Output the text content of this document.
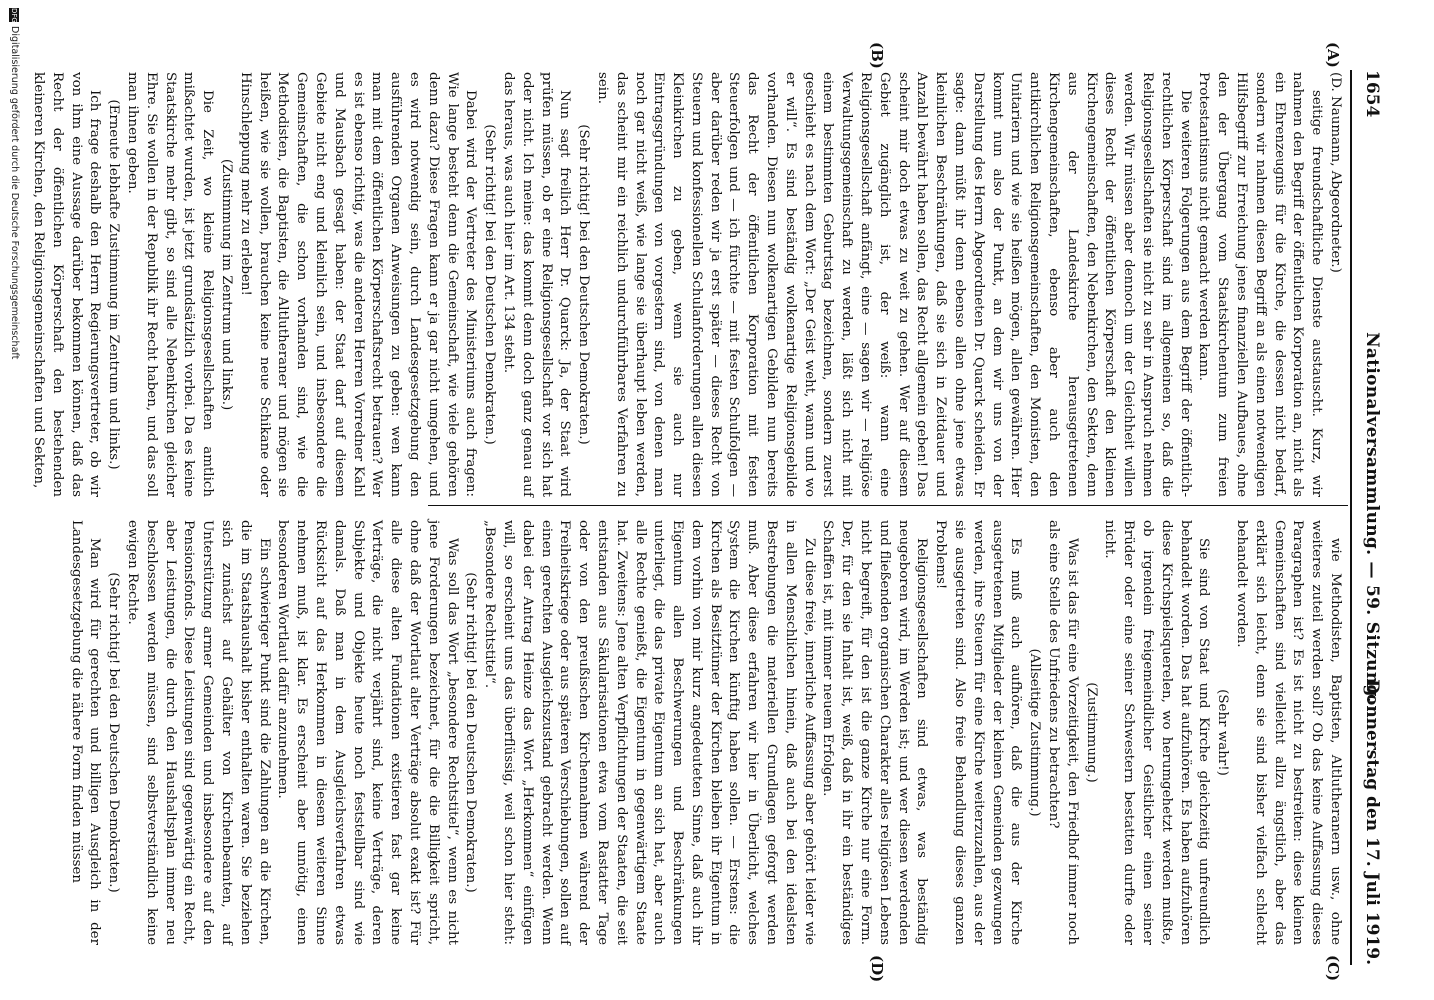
1654
Nationalversammlung. — 59. Sitzung.
Donnerstag den 17. Juli 1919.
(A)
(B)
(C)
(D)

(D. Naumann, Abgeordneter.)

seitige freundschaftliche Dienste austauscht. Kurz, wir nahmen den Begriff der öffentlichen Korporation an, nicht als ein Ehrenzeugnis für die Kirche, die dessen nicht bedarf, sondern wir nahmen diesen Begriff an als einen notwendigen Hilfsbegriff zur Erreichung jenes finanziellen Aufbaues, ohne den der Übergang vom Staatskirchentum zum freien Protestantismus nicht gemacht werden kann.

Die weiteren Folgerungen aus dem Begriff der öffentlich-rechtlichen Körperschaft sind im allgemeinen so, daß die Religionsgesellschaften sie nicht zu sehr in Anspruch nehmen werden. Wir müssen aber dennoch um der Gleichheit willen dieses Recht der öffentlichen Körperschaft den kleinen Kirchengemeinschaften, den Nebenkirchen, den Sekten, denn aus der Landeskirche herausgetretenen Kirchengemeinschaften, ebenso aber auch den antikirchlichen Religionsgemeinschaften, den Monisten, den Unitariern und wie sie heißen mögen, allen gewähren. Hier kommt nun also der Punkt, an dem wir uns von der Darstellung des Herrn Abgeordneten Dr. Quarck scheiden. Er sagte: dann müßt ihr denn ebenso allen ohne jene etwas kleinlichen Beschränkungen, daß sie sich in Zeitdauer und Anzahl bewährt haben sollen, das Recht allgemein geben! Das scheint mir doch etwas zu weit zu gehen. Wer auf diesem Gebiet zugänglich ist, der weiß: wann eine Religionsgesellschaft anfängt, eine — sagen wir — religiöse Verwaltungsgemeinschaft zu werden, läßt sich nicht mit einem bestimmten Geburtstag bezeichnen, sondern zuerst geschieht es nach dem Wort: „Der Geist weht, wann und wo er will“. Es sind beständig wolkenartige Religionsgebilde vorhanden. Diesen nun wolkenartigen Gebilden nun bereits das Recht der öffentlichen Korporation mit festen Steuerfolgen und — ich fürchte — mit festen Schulfolgen — aber darüber reden wir ja erst später — dieses Recht von Steuern und konfessionellen Schulanforderungen allen diesen Kleinkirchen zu geben, wenn sie auch nur Eintragsgründungen von vorgestern sind, von denen man noch gar nicht weiß, wie lange sie überhaupt leben werden, das scheint mir ein reichlich undurchführbares Verfahren zu sein.

(Sehr richtig! bei den Deutschen Demokraten.)

Nun sagt freilich Herr Dr. Quarck: Ja, der Staat wird prüfen müssen, ob er eine Religionsgesellschaft vor sich hat oder nicht. Ich meine: das kommt denn doch ganz genau auf das heraus, was auch hier im Art. 134 steht.

(Sehr richtig! bei den Deutschen Demokraten.)

Dabei wird der Vertreter des Ministeriums auch fragen: Wie lange besteht denn die Gemeinschaft, wie viele gehören denn dazu? Diese Fragen kann er ja gar nicht umgehen, und es wird notwendig sein, durch Landesgesetzgebung den ausführenden Organen Anweisungen zu geben: wen kann man mit dem öffentlichen Körperschaftsrecht betrauen? Wer es ist ebenso richtig, was die anderen Herren Vorredner Kahl und Mausbach gesagt haben: der Staat darf auf diesem Gebiete nicht eng und kleinlich sein, und insbesondere die Gemeinschaften, die schon vorhanden sind, wie die Methodisten, die Baptisten, die Altlutheraner und mögen sie heißen, wie sie wollen, brauchen keine neue Schikane oder Hinschleppung mehr zu erleben!

(Zustimmung im Zentrum und links.)

Die Zeit, wo kleine Religionsgesellschaften amtlich mißachtet wurden, ist jetzt grundsätzlich vorbei. Da es keine Staatskirche mehr gibt, so sind alle Nebenkirchen gleicher Ehre. Sie wollen in der Republik ihr Recht haben, und das soll man ihnen geben.

(Erneute lebhafte Zustimmung im Zentrum und links.)

Ich frage deshalb den Herrn Regierungsvertreter, ob wir von ihm eine Aussage darüber bekommen können, daß das Recht der öffentlichen Körperschaft den bestehenden kleineren Kirchen, den Religionsgemeinschaften und Sekten,

wie Methodisten, Baptisten, Altlutheranern usw., ohne weiteres zuteil werden soll? Ob das keine Auffassung dieses Paragraphen ist? Es ist nicht zu bestreiten: diese kleinen Gemeinschaften sind vielleicht allzu ängstlich, aber das erklärt sich leicht, denn sie sind bisher vielfach schlecht behandelt worden.

(Sehr wahr!)

Sie sind von Staat und Kirche gleichzeitig unfreundlich behandelt worden. Das hat aufzuhören. Es haben aufzuhören diese Kirchspielsquerelen, wo herumgehetzt werden mußte, ob irgendein freigemeindlicher Geistlicher einen seiner Brüder oder eine seiner Schwestern bestatten durfte oder nicht.

(Zustimmung.)

Was ist das für eine Vorzeitigkeit, den Friedhof immer noch als eine Stelle des Unfriedens zu betrachten?

(Allseitige Zustimmung.)

Es muß auch aufhören, daß die aus der Kirche ausgetretenen Mitglieder der kleinen Gemeinden gezwungen werden, ihre Steuern für eine Kirche weiterzuzahlen, aus der sie ausgetreten sind. Also freie Behandlung dieses ganzen Problems!

Religionsgesellschaften sind etwas, was beständig neugeboren wird, im Werden ist; und wer diesen werdenden und fließenden organischen Charakter alles religiösen Lebens nicht begreift, für den ist die ganze Kirche nur eine Form. Der, für den sie Inhalt ist, weiß, daß in ihr ein beständiges Schaffen ist, mit immer neuem Erfolgen.

Zu diese freie, innerliche Auffassung aber gehört leider wie in allen Menschlichen hinein, daß auch bei den idealsten Bestrebungen die materiellen Grundlagen geforgt werden muß. Aber diese erfahren wir hier in Überlicht, welches System die Kirchen künftig haben sollen. — Erstens: die Kirchen als Besitztümer der Kirchen bleiben ihr Eigentum in dem vorhin von mir kurz angedeuteten Sinne, daß auch ihr Eigentum allen Beschwerungen und Beschränkungen unterliegt, die das private Eigentum an sich hat, aber auch alle Rechte genießt, die Eigentum in gegenwärtigem Staate hat. Zweitens: Jene alten Verpflichtungen der Staaten, die seit entstanden aus Säkularisationen etwa vom Rastatter Tage oder von den preußischen Kirchennahmen während der Freiheitskriege oder aus späteren Verschiebungen, sollen auf einen gerechten Ausgleichszustand gebracht werden. Wenn dabei der Antrag Heinze das Wort „Herkommen“ einfügen will, so erscheint uns das überflüssig, weil schon hier steht: „Besondere Rechtstitel“.

(Sehr richtig! bei den Deutschen Demokraten.)

Was soll das Wort „besondere Rechtstitel“, wenn es nicht jene Forderungen bezeichnet, für die die Billigkeit spricht, ohne daß der Wortlaut alter Verträge absolut exakt ist? Für alle diese alten Fundationen existieren fast gar keine Verträge, die nicht verjährt sind, keine Verträge, deren Subjekte und Objekte heute noch feststellbar sind wie damals. Daß man in dem Ausgleichsverfahren etwas Rücksicht auf das Herkommen in diesem weiteren Sinne nehmen muß, ist klar. Es erscheint aber unnötig, einen besonderen Wortlaut dafür anzunehmen.

Ein schwieriger Punkt sind die Zahlungen an die Kirchen, die im Staatshaushalt bisher enthalten waren. Sie beziehen sich zunächst auf Gehälter von Kirchenbeamten, auf Unterstützung armer Gemeinden und insbesondere auf den Pensionsfonds. Diese Leistungen sind gegenwärtig ein Recht, aber Leistungen, die durch den Haushaltsplan immer neu beschlossen werden müssen, sind selbstverständlich keine ewigen Rechte.

(Sehr richtig! bei den Deutschen Demokraten.)

Man wird für gerechten und billigen Ausgleich in der Landesgesetzgebung die nähere Form finden müssen

DFGDigitalisierung gefördert durch die Deutsche Forschungsgemeinschaft
